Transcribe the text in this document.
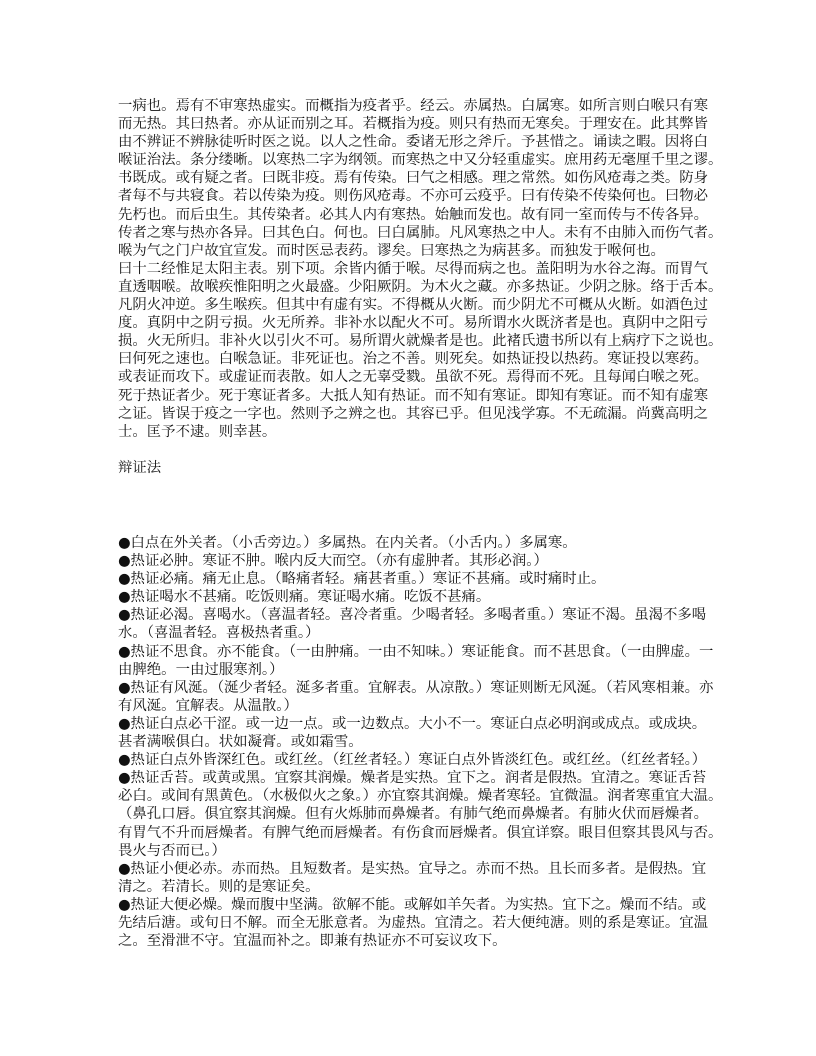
一病也。焉有不审寒热虚实。而概指为疫者乎。经云。赤属热。白属寒。如所言则白喉只有寒
而无热。其曰热者。亦从证而别之耳。若概指为疫。则只有热而无寒矣。于理安在。此其弊皆
由不辨证不辨脉徒听时医之说。以人之性命。委诸无形之斧斤。予甚惜之。诵读之暇。因将白
喉证治法。条分缕晰。以寒热二字为纲领。而寒热之中又分轻重虚实。庶用药无毫厘千里之谬。
书既成。或有疑之者。曰既非疫。焉有传染。曰气之相感。理之常然。如伤风疮毒之类。防身
者每不与共寝食。若以传染为疫。则伤风疮毒。不亦可云疫乎。曰有传染不传染何也。曰物必
先朽也。而后虫生。其传染者。必其人内有寒热。始触而发也。故有同一室而传与不传各异。
传者之寒与热亦各异。曰其色白。何也。曰白属肺。凡风寒热之中人。未有不由肺入而伤气者。
喉为气之门户故宜宣发。而时医忌表药。谬矣。曰寒热之为病甚多。而独发于喉何也。
曰十二经惟足太阳主表。别下项。余皆内循于喉。尽得而病之也。盖阳明为水谷之海。而胃气
直透咽喉。故喉疾惟阳明之火最盛。少阳厥阴。为木火之藏。亦多热证。少阴之脉。络于舌本。
凡阴火冲逆。多生喉疾。但其中有虚有实。不得概从火断。而少阴尤不可概从火断。如酒色过
度。真阴中之阴亏损。火无所养。非补水以配火不可。易所谓水火既济者是也。真阴中之阳亏
损。火无所归。非补火以引火不可。易所谓火就燥者是也。此褚氏遗书所以有上病疗下之说也。
曰何死之速也。白喉急证。非死证也。治之不善。则死矣。如热证投以热药。寒证投以寒药。
或表证而攻下。或虚证而表散。如人之无辜受戮。虽欲不死。焉得而不死。且每闻白喉之死。
死于热证者少。死于寒证者多。大抵人知有热证。而不知有寒证。即知有寒证。而不知有虚寒
之证。皆误于疫之一字也。然则予之辨之也。其容已乎。但见浅学寡。不无疏漏。尚冀高明之
士。匡予不逮。则幸甚。
辩证法
●白点在外关者。（小舌旁边。）多属热。在内关者。（小舌内。）多属寒。
●热证必肿。寒证不肿。喉内反大而空。（亦有虚肿者。其形必润。）
●热证必痛。痛无止息。（略痛者轻。痛甚者重。）寒证不甚痛。或时痛时止。
●热证喝水不甚痛。吃饭则痛。寒证喝水痛。吃饭不甚痛。
●热证必渴。喜喝水。（喜温者轻。喜冷者重。少喝者轻。多喝者重。）寒证不渴。虽渴不多喝
水。（喜温者轻。喜极热者重。）
●热证不思食。亦不能食。（一由肿痛。一由不知味。）寒证能食。而不甚思食。（一由脾虚。一
由脾绝。一由过服寒剂。）
●热证有风涎。（涎少者轻。涎多者重。宜解表。从凉散。）寒证则断无风涎。（若风寒相兼。亦
有风涎。宜解表。从温散。）
●热证白点必干涩。或一边一点。或一边数点。大小不一。寒证白点必明润或成点。或成块。
甚者满喉俱白。状如凝膏。或如霜雪。
●热证白点外皆深红色。或红丝。（红丝者轻。）寒证白点外皆淡红色。或红丝。（红丝者轻。）
●热证舌苔。或黄或黑。宜察其润燥。燥者是实热。宜下之。润者是假热。宜清之。寒证舌苔
必白。或间有黑黄色。（水极似火之象。）亦宜察其润燥。燥者寒轻。宜微温。润者寒重宜大温。
（鼻孔口唇。俱宜察其润燥。但有火烁肺而鼻燥者。有肺气绝而鼻燥者。有肺火伏而唇燥者。
有胃气不升而唇燥者。有脾气绝而唇燥者。有伤食而唇燥者。俱宜详察。眼目但察其畏风与否。
畏火与否而已。）
●热证小便必赤。赤而热。且短数者。是实热。宜导之。赤而不热。且长而多者。是假热。宜
清之。若清长。则的是寒证矣。
●热证大便必燥。燥而腹中坚满。欲解不能。或解如羊矢者。为实热。宜下之。燥而不结。或
先结后溏。或旬日不解。而全无胀意者。为虚热。宜清之。若大便纯溏。则的系是寒证。宜温
之。至滑泄不守。宜温而补之。即兼有热证亦不可妄议攻下。
